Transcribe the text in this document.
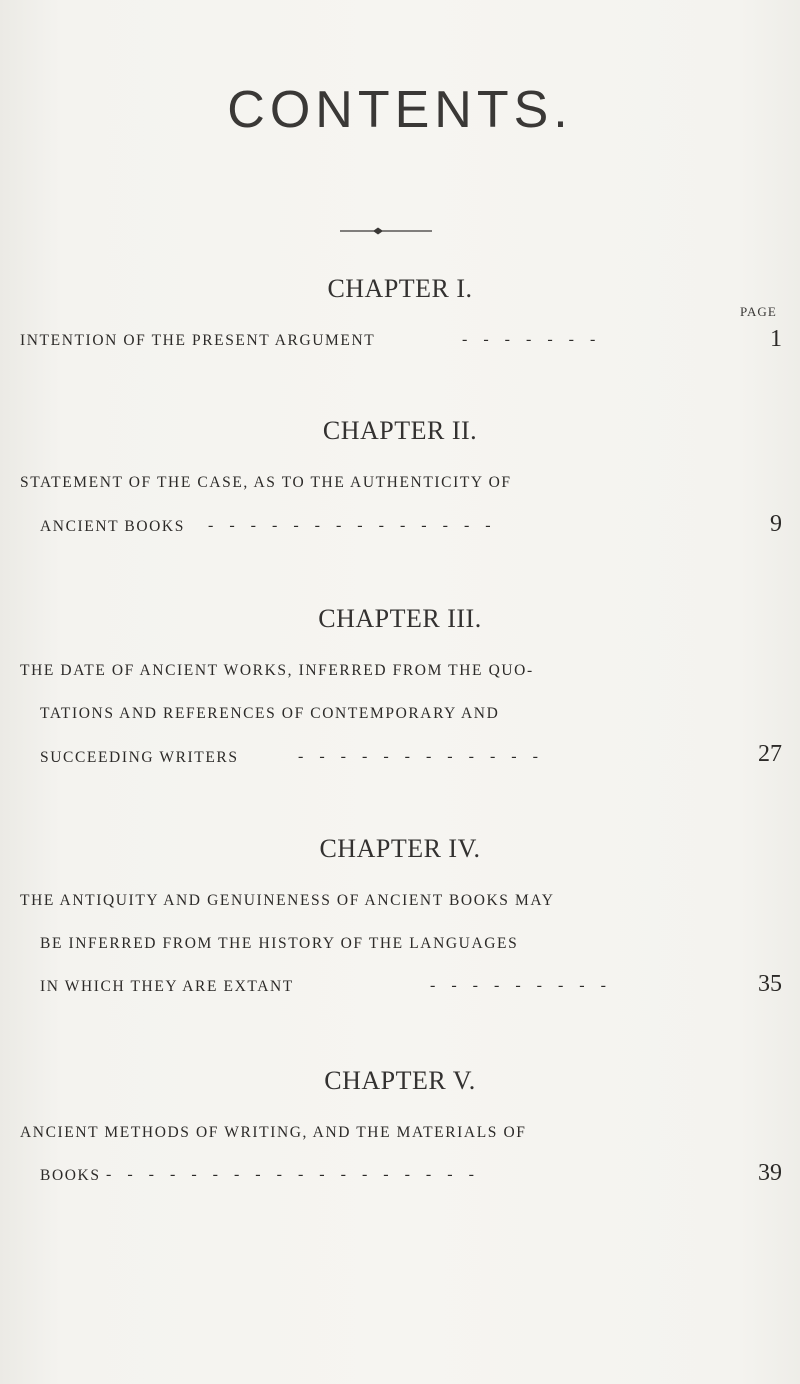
CONTENTS.
CHAPTER I.
PAGE
INTENTION OF THE PRESENT ARGUMENT	- - - - - - -	1
CHAPTER II.
STATEMENT OF THE CASE, AS TO THE AUTHENTICITY OF
ANCIENT BOOKS - - - - - - - - - - - - - -	9
CHAPTER III.
THE DATE OF ANCIENT WORKS, INFERRED FROM THE QUO-
TATIONS AND REFERENCES OF CONTEMPORARY AND
SUCCEEDING WRITERS	- - - - - - - - - - - -	27
CHAPTER IV.
THE ANTIQUITY AND GENUINENESS OF ANCIENT BOOKS MAY
BE INFERRED FROM THE HISTORY OF THE LANGUAGES
IN WHICH THEY ARE EXTANT	- - - - - - - - -	35
CHAPTER V.
ANCIENT METHODS OF WRITING, AND THE MATERIALS OF
BOOKS - - - - - - - - - - - - - - - - - -	39
